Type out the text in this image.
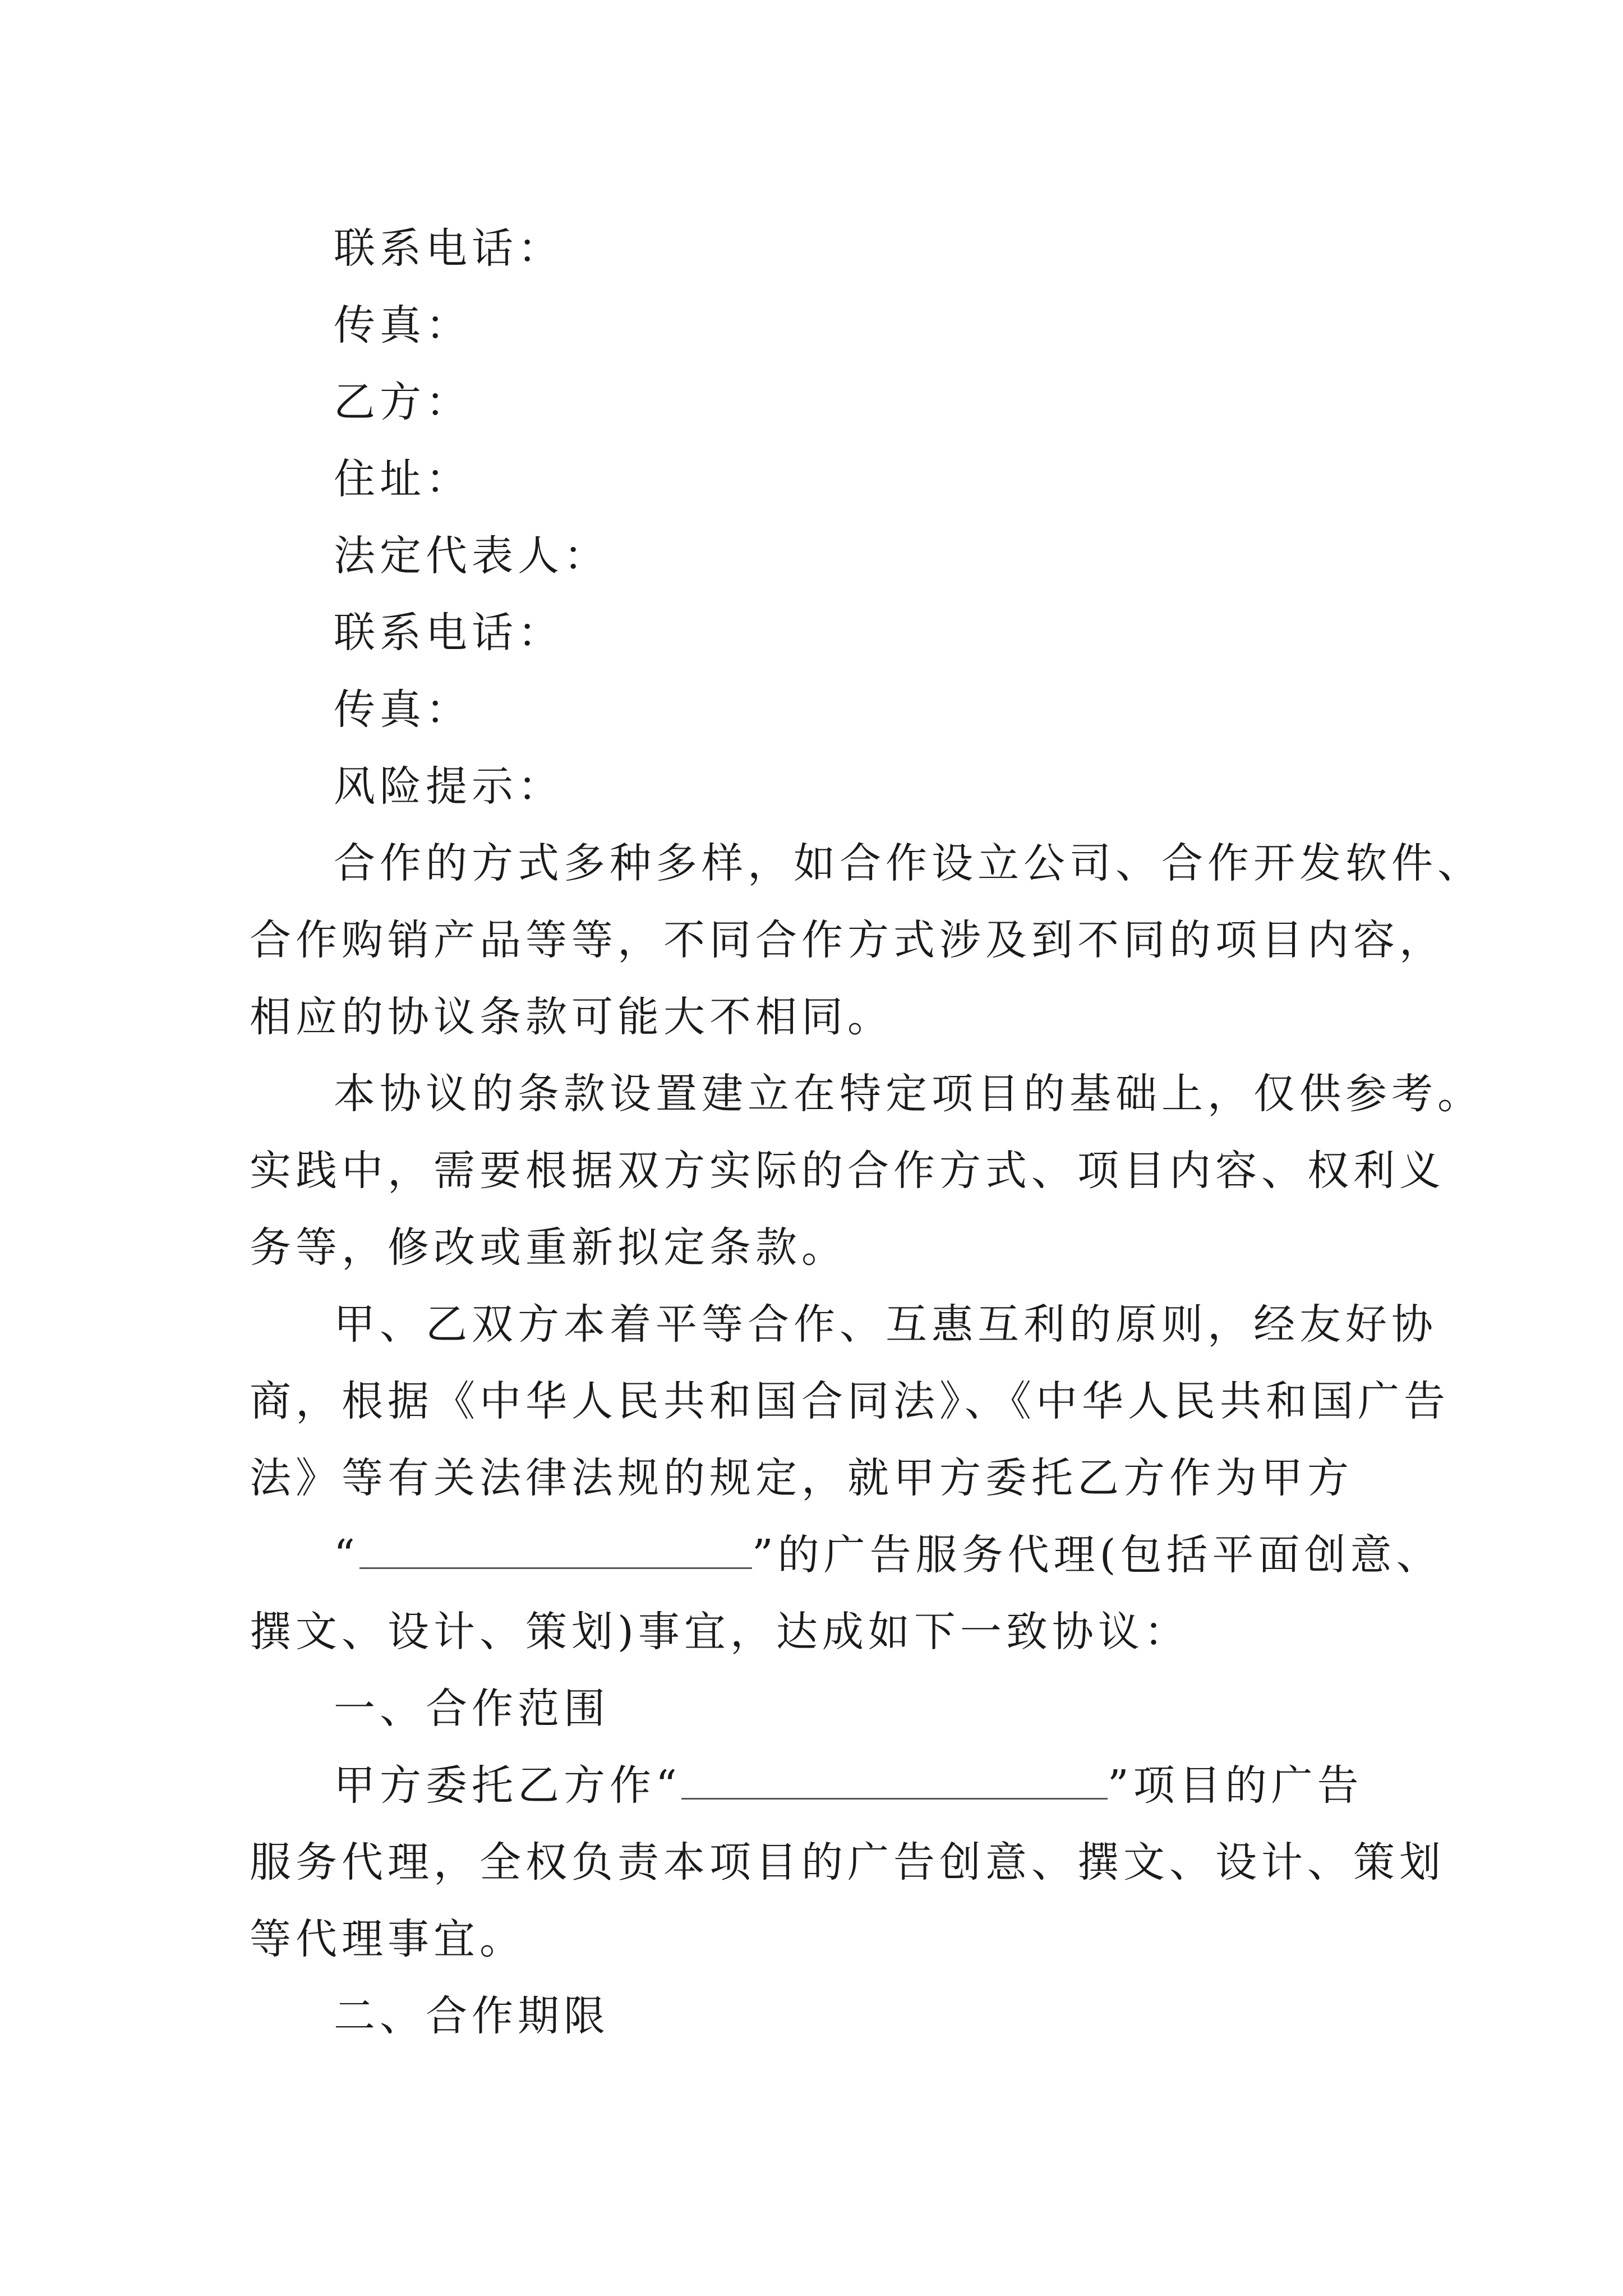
联系电话：
传真：
乙方：
住址：
法定代表人：
联系电话：
传真：
风险提示：
合作的方式多种多样，如合作设立公司、合作开发软件、
合作购销产品等等，不同合作方式涉及到不同的项目内容，
相应的协议条款可能大不相同。
本协议的条款设置建立在特定项目的基础上，仅供参考。
实践中，需要根据双方实际的合作方式、项目内容、权利义
务等，修改或重新拟定条款。
甲、乙双方本着平等合作、互惠互利的原则，经友好协
商，根据《中华人民共和国合同法》、《中华人民共和国广告
法》等有关法律法规的规定，就甲方委托乙方作为甲方
“	”的广告服务代理(包括平面创意、
撰文、设计、策划)事宜，达成如下一致协议：
一、合作范围
甲方委托乙方作“	”项目的广告
服务代理，全权负责本项目的广告创意、撰文、设计、策划
等代理事宜。
二、合作期限
